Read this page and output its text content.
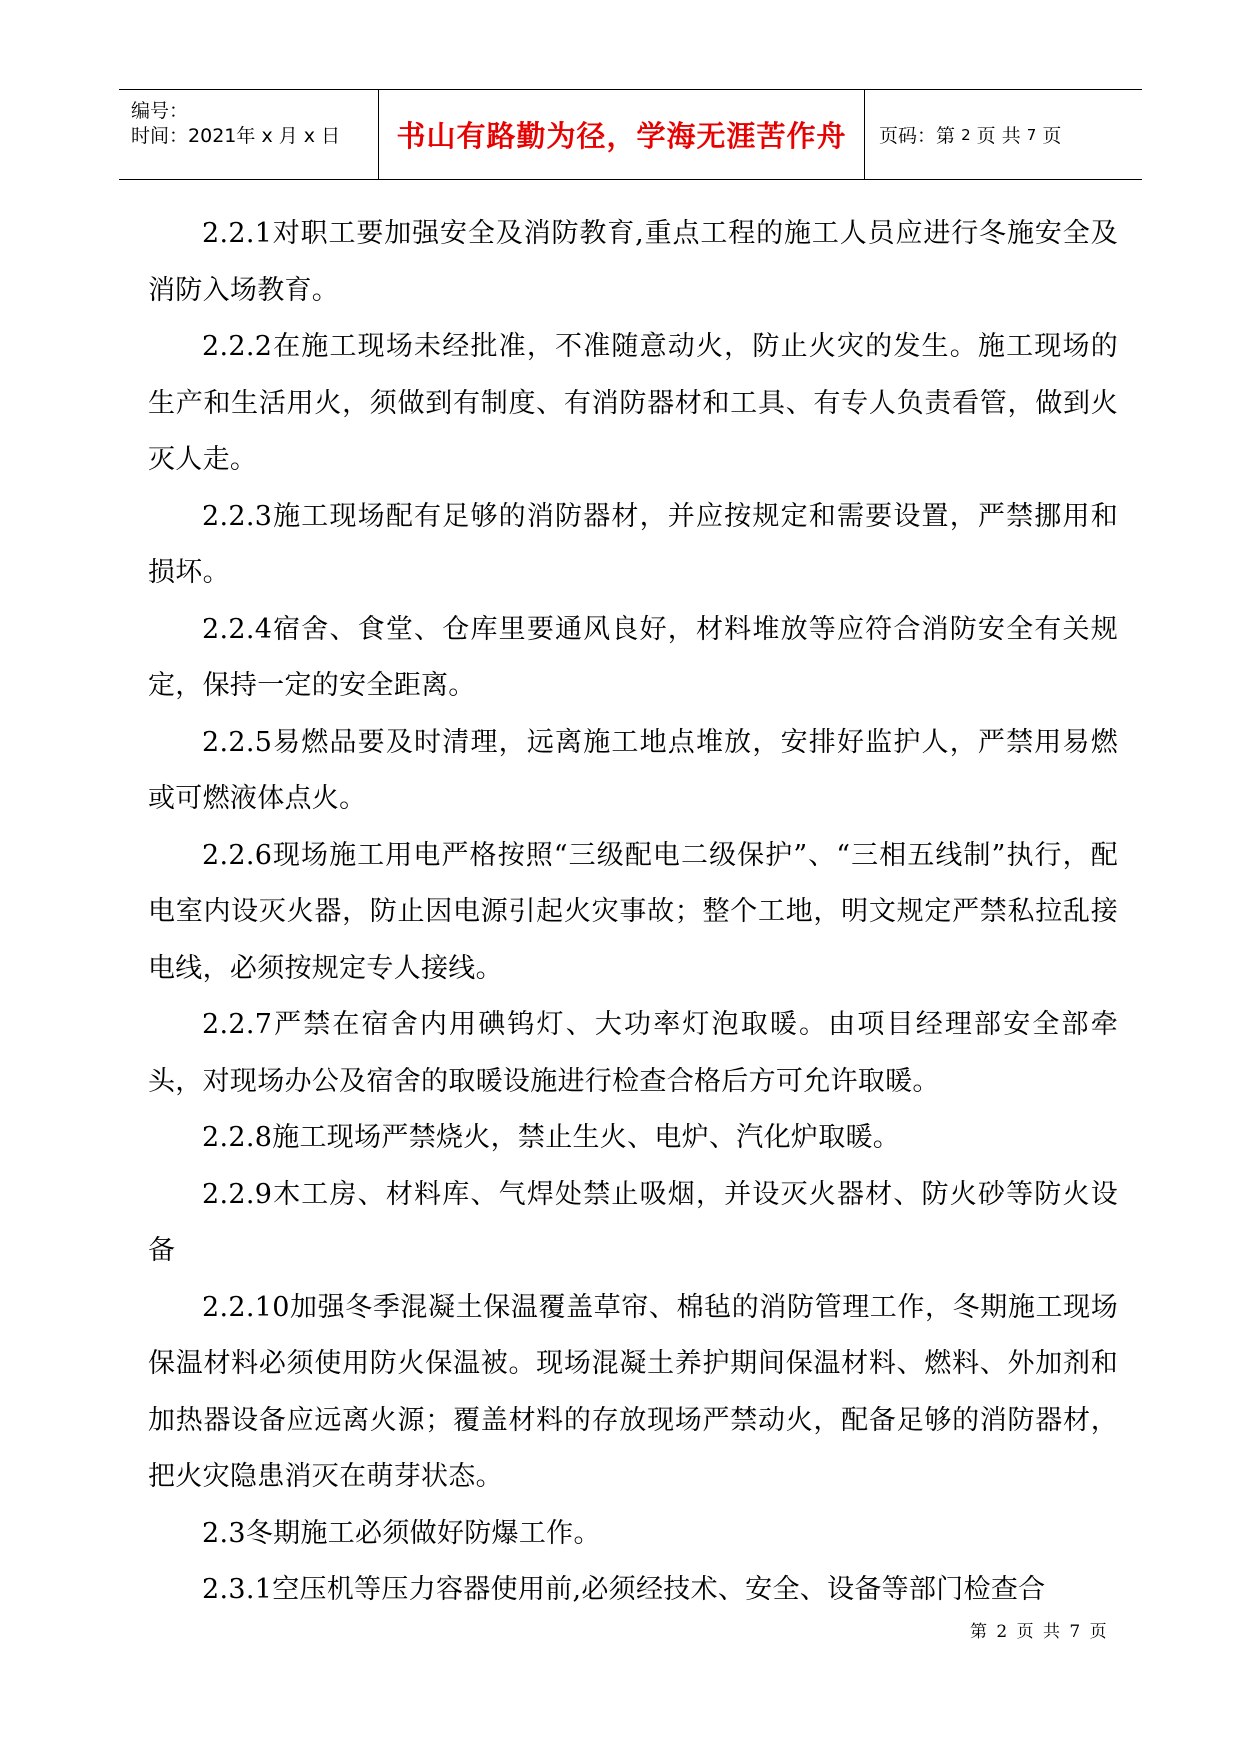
编号：
时间：2021年 x 月 x 日 书山有路勤为径，学海无涯苦作舟 页码：第
2
页 共
7
页

2.2.1对职工要加强安全及消防教育,重点工程的施工人员应进行冬施安全及消防入场教育。

2.2.2在施工现场未经批准，不准随意动火，防止火灾的发生。施工现场的生产和生活用火，须做到有制度、有消防器材和工具、有专人负责看管，做到火灭人走。

2.2.3施工现场配有足够的消防器材，并应按规定和需要设置，严禁挪用和损坏。

2.2.4宿舍、食堂、仓库里要通风良好，材料堆放等应符合消防安全有关规定，保持一定的安全距离。

2.2.5易燃品要及时清理，远离施工地点堆放，安排好监护人，严禁用易燃或可燃液体点火。

2.2.6现场施工用电严格按照“三级配电二级保护”、“三相五线制”执行，配电室内设灭火器，防止因电源引起火灾事故；整个工地，明文规定严禁私拉乱接电线，必须按规定专人接线。

2.2.7严禁在宿舍内用碘钨灯、大功率灯泡取暖。由项目经理部安全部牵头，对现场办公及宿舍的取暖设施进行检查合格后方可允许取暖。

2.2.8施工现场严禁烧火，禁止生火、电炉、汽化炉取暖。

2.2.9木工房、材料库、气焊处禁止吸烟，并设灭火器材、防火砂等防火设备

2.2.10加强冬季混凝土保温覆盖草帘、棉毡的消防管理工作，冬期施工现场保温材料必须使用防火保温被。现场混凝土养护期间保温材料、燃料、外加剂和加热器设备应远离火源；覆盖材料的存放现场严禁动火，配备足够的消防器材，把火灾隐患消灭在萌芽状态。

2.3冬期施工必须做好防爆工作。

2.3.1空压机等压力容器使用前,必须经技术、安全、设备等部门检查合

第 2 页 共 7 页
